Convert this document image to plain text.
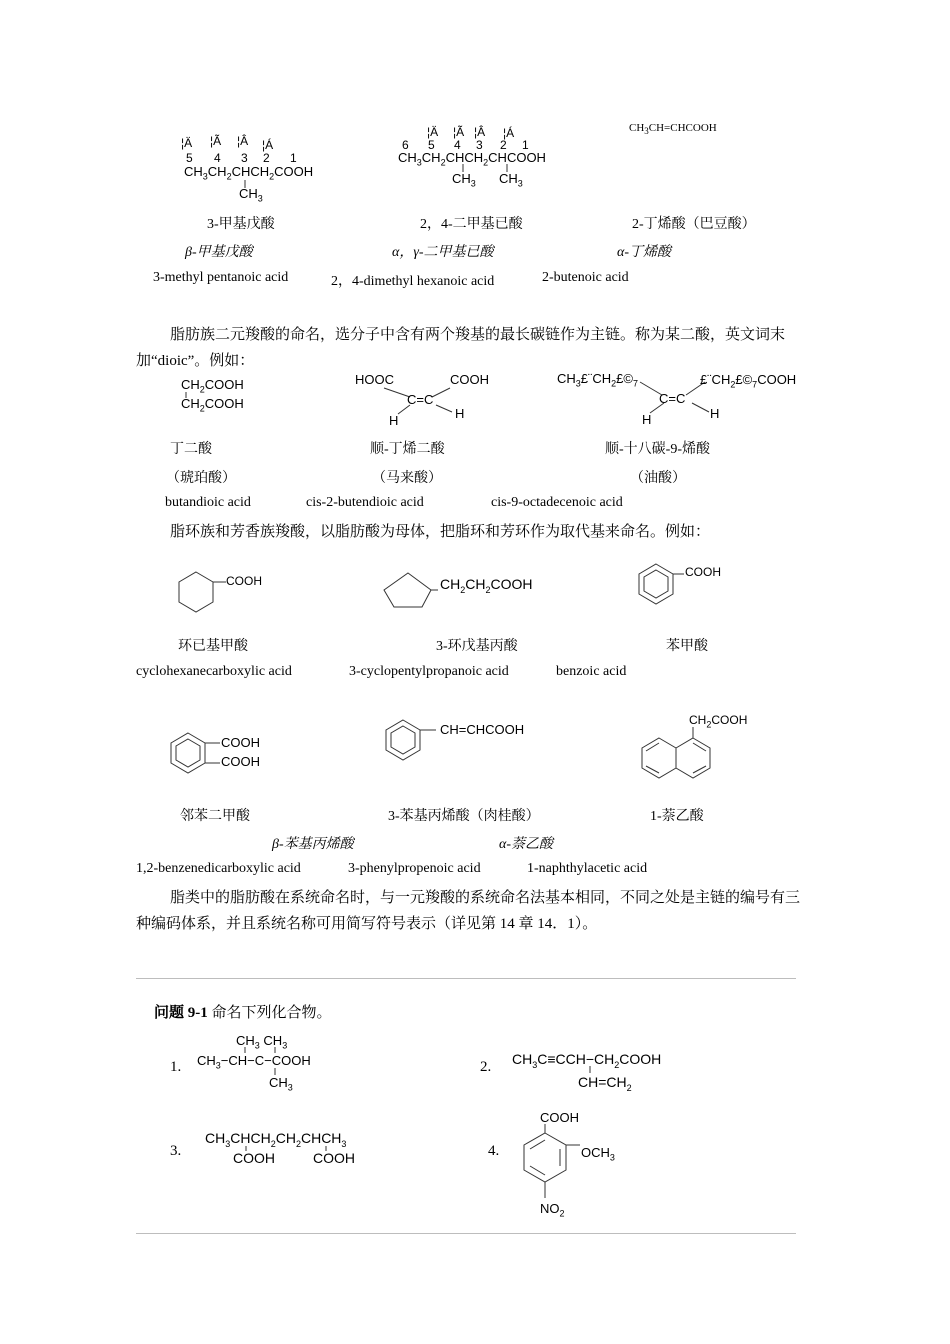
¦Ä ¦Ã ¦Â ¦Á
5 4 3 2 1
$CH_3CH_2CHCH_2COOH$
$CH_3$
¦Ä ¦Ã ¦Â ¦Á
6 5 4 3 2 1
$CH_3CH_2CHCH_2CHCOOH$
$CH_3$ $CH_3$
$CH_3CH=CHCOOH$
3-甲基戊酸	2，4-二甲基已酸	2-丁烯酸（巴豆酸）
β-甲基戊酸	α，γ-二甲基已酸	α-丁烯酸
3-methyl pentanoic acid	2，4-dimethyl hexanoic acid	2-butenoic acid
脂肪族二元羧酸的命名，选分子中含有两个羧基的最长碳链作为主链。称为某二酸，英文词末加“dioic”。例如：
$CH_2COOH$
$CH_2COOH$
HOOC	COOH
C=C
H	H
$CH_3£¨CH_2£©_7$	$£¨CH_2£©_7COOH$
C=C
H	H
丁二酸	顺-丁烯二酸	顺-十八碳-9-烯酸
（琥珀酸）	（马来酸）	（油酸）
butandioic acid	cis-2-butendioic acid	cis-9-octadecenoic acid
脂环族和芳香族羧酸，以脂肪酸为母体，把脂环和芳环作为取代基来命名。例如：
COOH	$CH_2CH_2COOH$
COOH
环已基甲酸	3-环戊基丙酸	苯甲酸
cyclohexanecarboxylic acid	3-cyclopentylpropanoic acid	benzoic acid
COOH
COOH
CH=CHCOOH
$CH_2COOH$
邻苯二甲酸	3-苯基丙烯酸（肉桂酸）	1-萘乙酸
β-苯基丙烯酸	α-萘乙酸
1,2-benzenedicarboxylic acid	3-phenylpropenoic acid	1-naphthylacetic acid
脂类中的脂肪酸在系统命名时，与一元羧酸的系统命名法基本相同，不同之处是主链的编号有三种编码体系，并且系统名称可用简写符号表示（详见第 14 章 14．1）。
问题 9-1 命名下列化合物。
1.	2.
3.	4.
$CH_3$ $CH_3$
$CH_3-CH-C-COOH$
$CH_3$
$CH_3C\equiv CCH-CH_2COOH$
$CH=CH_2$
$CH_3CHCH_2CH_2CHCH_3$
COOH	COOH
COOH
$OCH_3$
$NO_2$
